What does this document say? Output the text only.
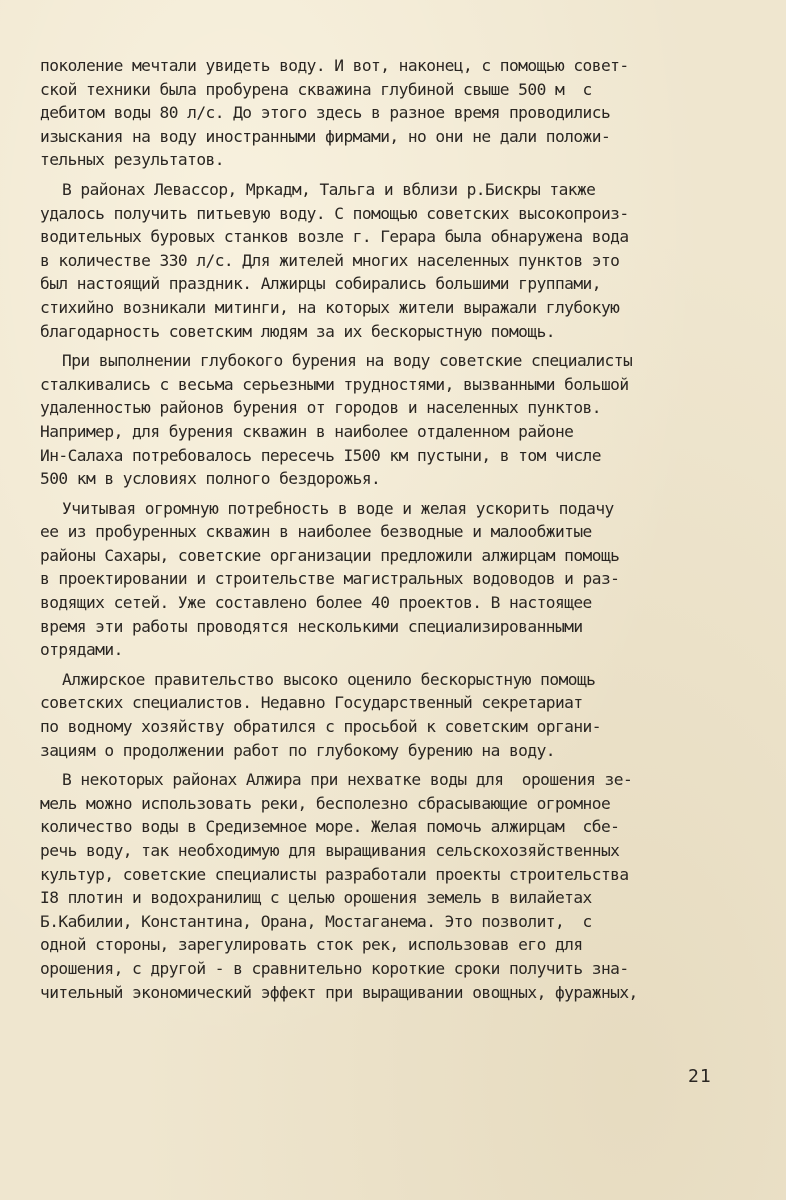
поколение мечтали увидеть воду. И вот, наконец, с помощью совет-
ской техники была пробурена скважина глубиной свыше 500 м  с
дебитом воды 80 л/с. До этого здесь в разное время проводились
изыскания на воду иностранными фирмами, но они не дали положи-
тельных результатов.
В районах Левассор, Мркадм, Тальга и вблизи р.Бискры также
удалось получить питьевую воду. С помощью советских высокопроиз-
водительных буровых станков возле г. Герара была обнаружена вода
в количестве 330 л/с. Для жителей многих населенных пунктов это
был настоящий праздник. Алжирцы собирались большими группами,
стихийно возникали митинги, на которых жители выражали глубокую
благодарность советским людям за их бескорыстную помощь.
При выполнении глубокого бурения на воду советские специалисты
сталкивались с весьма серьезными трудностями, вызванными большой
удаленностью районов бурения от городов и населенных пунктов.
Например, для бурения скважин в наиболее отдаленном районе
Ин-Салаха потребовалось пересечь I500 км пустыни, в том числе
500 км в условиях полного бездорожья.
Учитывая огромную потребность в воде и желая ускорить подачу
ее из пробуренных скважин в наиболее безводные и малообжитые
районы Сахары, советские организации предложили алжирцам помощь
в проектировании и строительстве магистральных водоводов и раз-
водящих сетей. Уже составлено более 40 проектов. В настоящее
время эти работы проводятся несколькими специализированными
отрядами.
Алжирское правительство высоко оценило бескорыстную помощь
советских специалистов. Недавно Государственный секретариат
по водному хозяйству обратился с просьбой к советским органи-
зациям о продолжении работ по глубокому бурению на воду.
В некоторых районах Алжира при нехватке воды для  орошения зе-
мель можно использовать реки, бесполезно сбрасывающие огромное
количество воды в Средиземное море. Желая помочь алжирцам  сбе-
речь воду, так необходимую для выращивания сельскохозяйственных
культур, советские специалисты разработали проекты строительства
I8 плотин и водохранилищ с целью орошения земель в вилайетах
Б.Кабилии, Константина, Орана, Мостаганема. Это позволит,  с
одной стороны, зарегулировать сток рек, использовав его для
орошения, с другой - в сравнительно короткие сроки получить зна-
чительный экономический эффект при выращивании овощных, фуражных,
21
